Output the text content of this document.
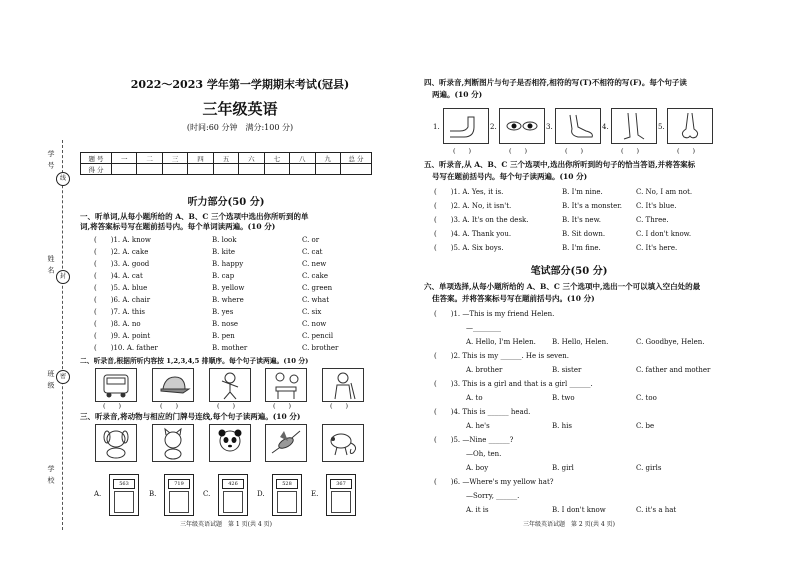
学 号
姓 名
班 级
学 校
线
封
密
2022～2023 学年第一学期期末考试(冠县)
三年级英语
(时间:60 分钟　满分:100 分)
题 号	一	二	三	四	五	六	七	八	九	总 分
得 分										
听力部分(50 分)
一、听单词,从每小题所给的 A、B、C 三个选项中选出你所听到的单
词,将答案标号写在题前括号内。每个单词读两遍。(10 分)
(　　)1. A. know	B. look	C. or
(　　)2. A. cake	B. kite	C. cat
(　　)3. A. good	B. happy	C. new
(　　)4. A. cat	B. cap	C. cake
(　　)5. A. blue	B. yellow	C. green
(　　)6. A. chair	B. where	C. what
(　　)7. A. this	B. yes	C. six
(　　)8. A. no	B. nose	C. now
(　　)9. A. point	B. pen	C. pencil
(　　)10. A. father	B. mother	C. brother
二、听录音,根据所听内容按 1,2,3,4,5 排顺序。每个句子读两遍。(10 分)
(　　)	(　　)	(　　)	(　　)	(　　)
三、听录音,将动物与相应的门牌号连线,每个句子读两遍。(10 分)
A.
563
B.
719
C.
426
D.
528
E.
367
三年级英语试题　第 1 页(共 4 页)
四、听录音,判断图片与句子是否相符,相符的写(T)不相符的写(F)。每个句子读
两遍。(10 分)
1.	2.	3.	4.	5.
(　　)	(　　)	(　　)	(　　)	(　　)
五、听录音,从 A、B、C 三个选项中,选出你所听到的句子的恰当答语,并将答案标
号写在题前括号内。每个句子读两遍。(10 分)
(　　)1. A. Yes, it is.	B. I'm nine.	C. No, I am not.
(　　)2. A. No, it isn't.	B. It's a monster. C. It's blue.
(　　)3. A. It's on the desk.	B. It's new.	C. Three.
(　　)4. A. Thank you.	B. Sit down.	C. I don't know.
(　　)5. A. Six boys.	B. I'm fine.	C. It's here.
笔试部分(50 分)
六、单项选择,从每小题所给的 A、B、C 三个选项中,选出一个可以填入空白处的最
佳答案。并将答案标号写在题前括号内。(10 分)
(　　)1. —This is my friend Helen.
—________
A. Hello, I'm Helen. B. Hello, Helen.	C. Goodbye, Helen.
(　　)2. This is my ______. He is seven.
A. brother	B. sister	C. father and mother
(　　)3. This is a girl and that is a girl ______.
A. to	B. two	C. too
(　　)4. This is ______ head.
A. he's	B. his	C. be
(　　)5. —Nine ______?
—Oh, ten.
A. boy	B. girl	C. girls
(　　)6. —Where's my yellow hat?
—Sorry, ______.
A. it is	B. I don't know	C. it's a hat
三年级英语试题　第 2 页(共 4 页)
